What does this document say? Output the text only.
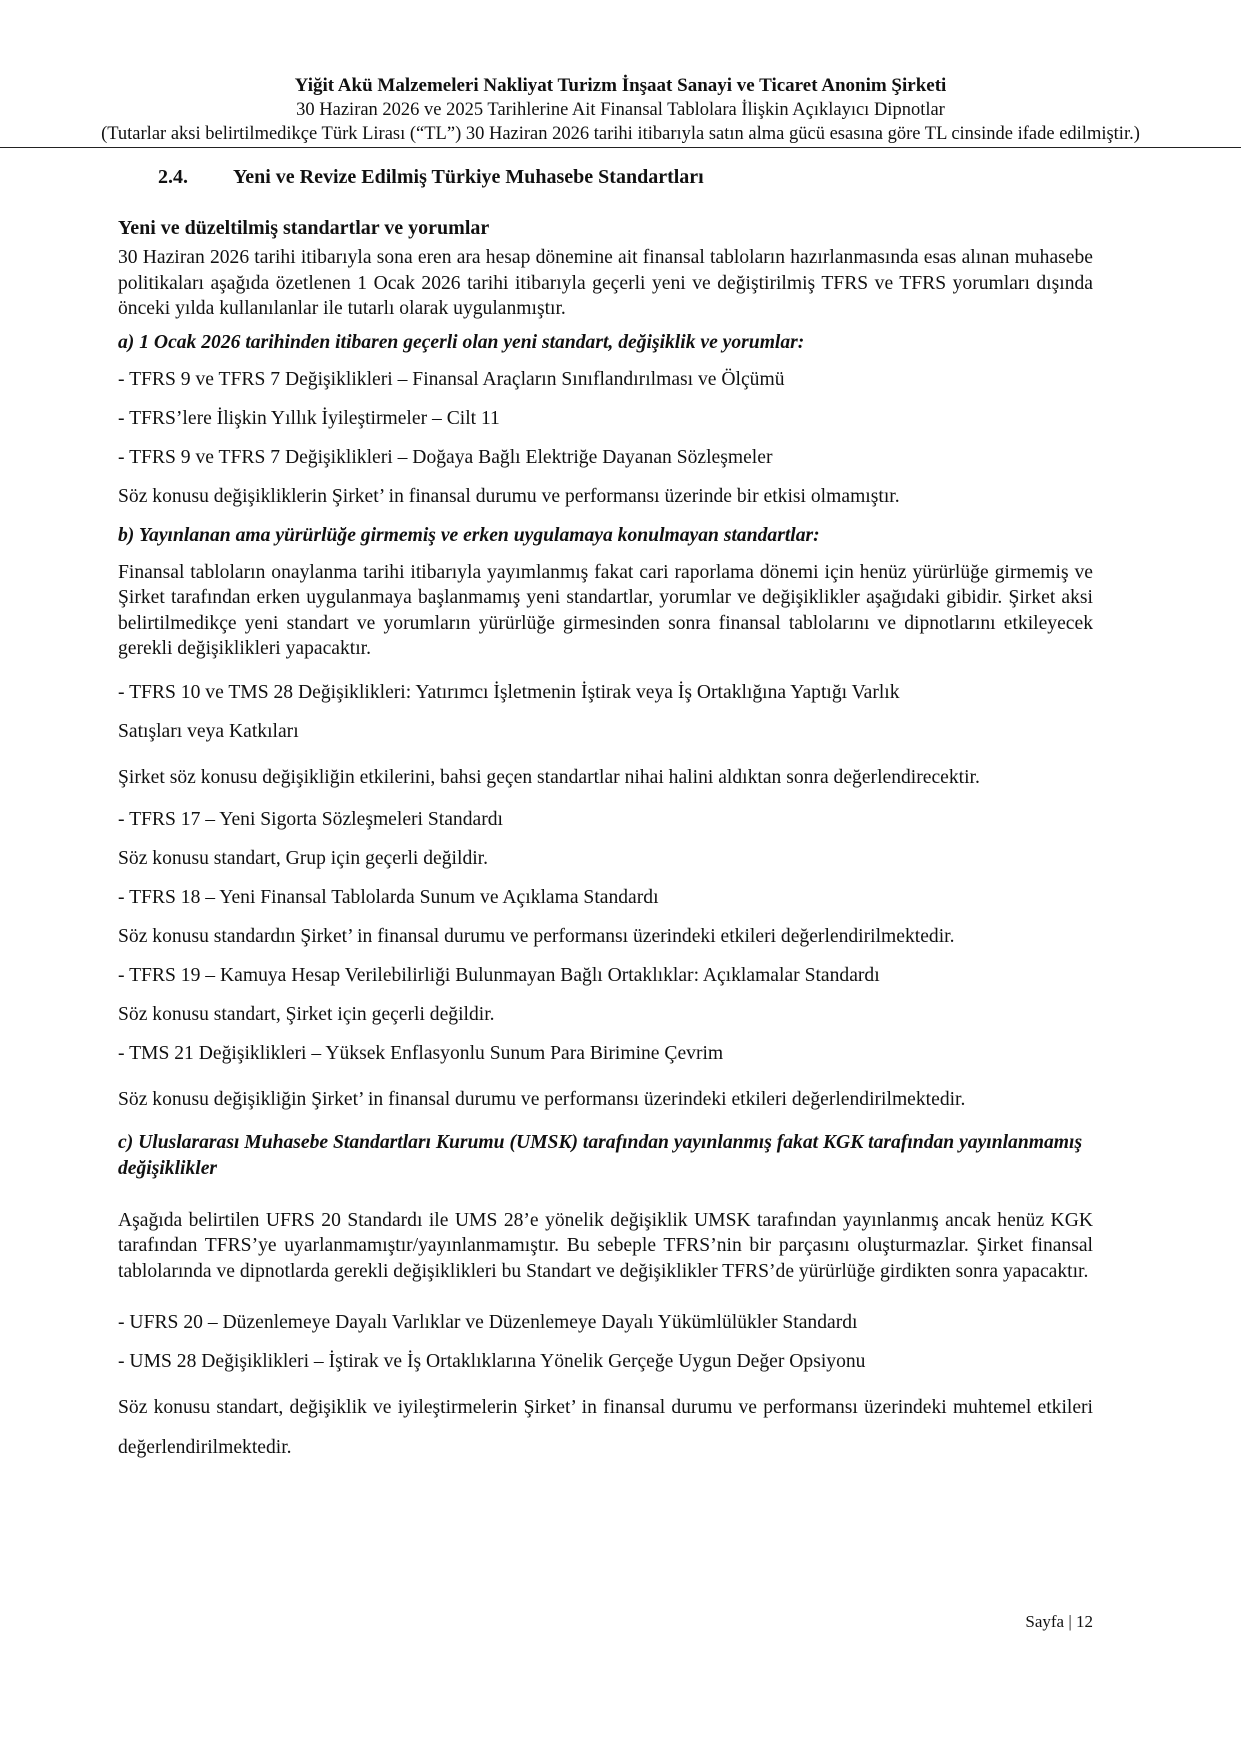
Yiğit Akü Malzemeleri Nakliyat Turizm İnşaat Sanayi ve Ticaret Anonim Şirketi
30 Haziran 2026 ve 2025 Tarihlerine Ait Finansal Tablolara İlişkin Açıklayıcı Dipnotlar
(Tutarlar aksi belirtilmedikçe Türk Lirası (“TL”) 30 Haziran 2026 tarihi itibarıyla satın alma gücü esasına göre TL cinsinde ifade edilmiştir.)
2.4. Yeni ve Revize Edilmiş Türkiye Muhasebe Standartları
Yeni ve düzeltilmiş standartlar ve yorumlar
30 Haziran 2026 tarihi itibarıyla sona eren ara hesap dönemine ait finansal tabloların hazırlanmasında esas alınan muhasebe politikaları aşağıda özetlenen 1 Ocak 2026 tarihi itibarıyla geçerli yeni ve değiştirilmiş TFRS ve TFRS yorumları dışında önceki yılda kullanılanlar ile tutarlı olarak uygulanmıştır.
a) 1 Ocak 2026 tarihinden itibaren geçerli olan yeni standart, değişiklik ve yorumlar:
- TFRS 9 ve TFRS 7 Değişiklikleri – Finansal Araçların Sınıflandırılması ve Ölçümü
- TFRS’lere İlişkin Yıllık İyileştirmeler – Cilt 11
- TFRS 9 ve TFRS 7 Değişiklikleri – Doğaya Bağlı Elektriğe Dayanan Sözleşmeler
Söz konusu değişikliklerin Şirket’ in finansal durumu ve performansı üzerinde bir etkisi olmamıştır.
b) Yayınlanan ama yürürlüğe girmemiş ve erken uygulamaya konulmayan standartlar:
Finansal tabloların onaylanma tarihi itibarıyla yayımlanmış fakat cari raporlama dönemi için henüz yürürlüğe girmemiş ve Şirket tarafından erken uygulanmaya başlanmamış yeni standartlar, yorumlar ve değişiklikler aşağıdaki gibidir. Şirket aksi belirtilmedikçe yeni standart ve yorumların yürürlüğe girmesinden sonra finansal tablolarını ve dipnotlarını etkileyecek gerekli değişiklikleri yapacaktır.
- TFRS 10 ve TMS 28 Değişiklikleri: Yatırımcı İşletmenin İştirak veya İş Ortaklığına Yaptığı Varlık
Satışları veya Katkıları
Şirket söz konusu değişikliğin etkilerini, bahsi geçen standartlar nihai halini aldıktan sonra değerlendirecektir.
- TFRS 17 – Yeni Sigorta Sözleşmeleri Standardı
Söz konusu standart, Grup için geçerli değildir.
- TFRS 18 – Yeni Finansal Tablolarda Sunum ve Açıklama Standardı
Söz konusu standardın Şirket’ in finansal durumu ve performansı üzerindeki etkileri değerlendirilmektedir.
- TFRS 19 – Kamuya Hesap Verilebilirliği Bulunmayan Bağlı Ortaklıklar: Açıklamalar Standardı
Söz konusu standart, Şirket için geçerli değildir.
- TMS 21 Değişiklikleri – Yüksek Enflasyonlu Sunum Para Birimine Çevrim
Söz konusu değişikliğin Şirket’ in finansal durumu ve performansı üzerindeki etkileri değerlendirilmektedir.
c) Uluslararası Muhasebe Standartları Kurumu (UMSK) tarafından yayınlanmış fakat KGK tarafından yayınlanmamış değişiklikler
Aşağıda belirtilen UFRS 20 Standardı ile UMS 28’e yönelik değişiklik UMSK tarafından yayınlanmış ancak henüz KGK tarafından TFRS’ye uyarlanmamıştır/yayınlanmamıştır. Bu sebeple TFRS’nin bir parçasını oluşturmazlar. Şirket finansal tablolarında ve dipnotlarda gerekli değişiklikleri bu Standart ve değişiklikler TFRS’de yürürlüğe girdikten sonra yapacaktır.
- UFRS 20 – Düzenlemeye Dayalı Varlıklar ve Düzenlemeye Dayalı Yükümlülükler Standardı
- UMS 28 Değişiklikleri – İştirak ve İş Ortaklıklarına Yönelik Gerçeğe Uygun Değer Opsiyonu
Söz konusu standart, değişiklik ve iyileştirmelerin Şirket’ in finansal durumu ve performansı üzerindeki muhtemel etkileri değerlendirilmektedir.
Sayfa | 12
